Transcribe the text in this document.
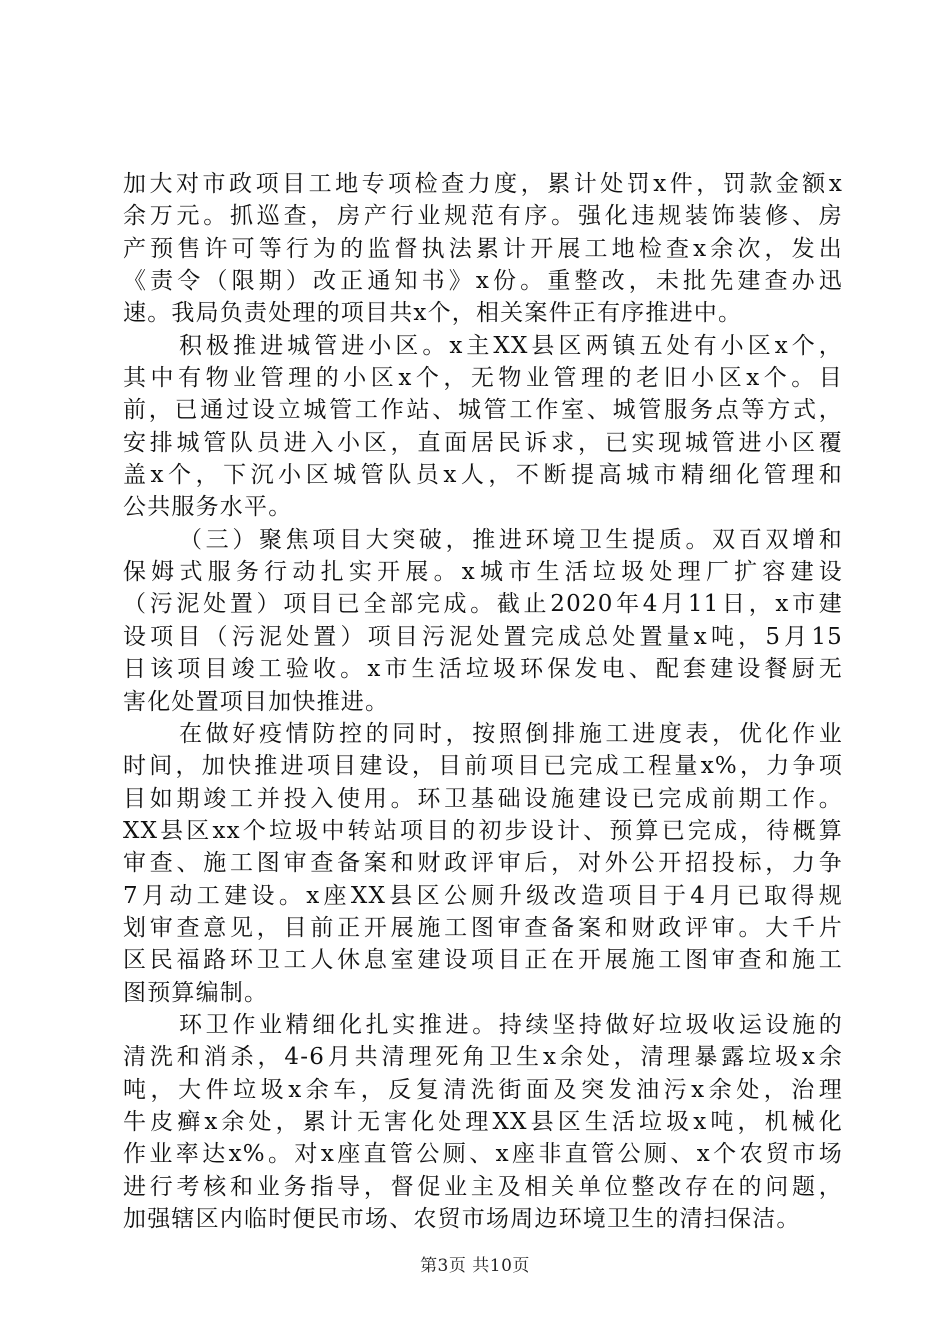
加大对市政项目工地专项检查力度，累计处罚x件，罚款金额x
余万元。抓巡查，房产行业规范有序。强化违规装饰装修、房
产预售许可等行为的监督执法累计开展工地检查x余次，发出
《责令（限期）改正通知书》x份。重整改，未批先建查办迅
速。我局负责处理的项目共x个，相关案件正有序推进中。
积极推进城管进小区。x主XX县区两镇五处有小区x个，
其中有物业管理的小区x个，无物业管理的老旧小区x个。目
前，已通过设立城管工作站、城管工作室、城管服务点等方式，
安排城管队员进入小区，直面居民诉求，已实现城管进小区覆
盖x个，下沉小区城管队员x人，不断提高城市精细化管理和
公共服务水平。
（三）聚焦项目大突破，推进环境卫生提质。双百双增和
保姆式服务行动扎实开展。x城市生活垃圾处理厂扩容建设
（污泥处置）项目已全部完成。截止2020年4月11日，x市建
设项目（污泥处置）项目污泥处置完成总处置量x吨，5月15
日该项目竣工验收。x市生活垃圾环保发电、配套建设餐厨无
害化处置项目加快推进。
在做好疫情防控的同时，按照倒排施工进度表，优化作业
时间，加快推进项目建设，目前项目已完成工程量x%，力争项
目如期竣工并投入使用。环卫基础设施建设已完成前期工作。
XX县区xx个垃圾中转站项目的初步设计、预算已完成，待概算
审查、施工图审查备案和财政评审后，对外公开招投标，力争
7月动工建设。x座XX县区公厕升级改造项目于4月已取得规
划审查意见，目前正开展施工图审查备案和财政评审。大千片
区民福路环卫工人休息室建设项目正在开展施工图审查和施工
图预算编制。
环卫作业精细化扎实推进。持续坚持做好垃圾收运设施的
清洗和消杀，4-6月共清理死角卫生x余处，清理暴露垃圾x余
吨，大件垃圾x余车，反复清洗街面及突发油污x余处，治理
牛皮癣x余处，累计无害化处理XX县区生活垃圾x吨，机械化
作业率达x%。对x座直管公厕、x座非直管公厕、x个农贸市场
进行考核和业务指导，督促业主及相关单位整改存在的问题，
加强辖区内临时便民市场、农贸市场周边环境卫生的清扫保洁。
第3页 共10页
